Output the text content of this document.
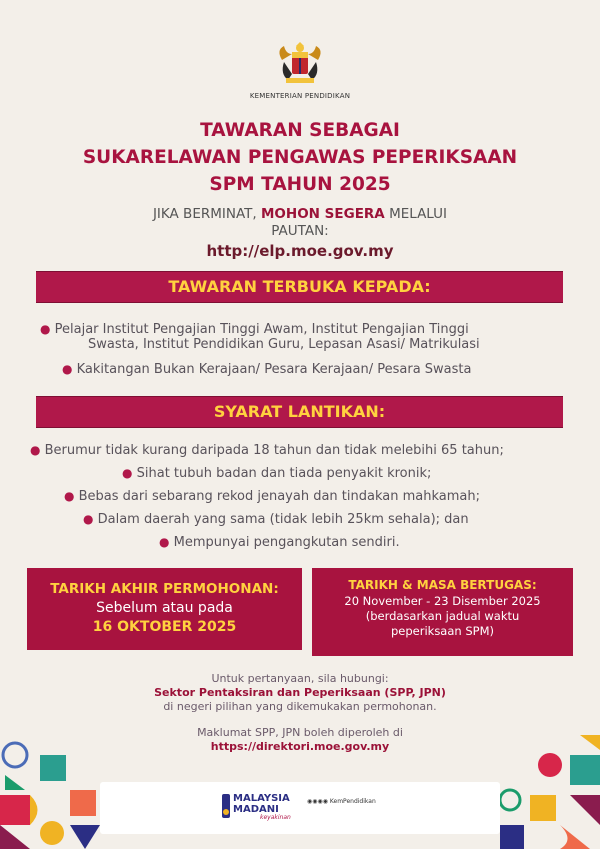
KEMENTERIAN PENDIDIKAN
TAWARAN SEBAGAI
SUKARELAWAN PENGAWAS PEPERIKSAAN
SPM TAHUN 2025
JIKA BERMINAT, MOHON SEGERA MELALUI
PAUTAN:
http://elp.moe.gov.my
TAWARAN TERBUKA KEPADA:
● Pelajar Institut Pengajian Tinggi Awam, Institut Pengajian Tinggi
Swasta, Institut Pendidikan Guru, Lepasan Asasi/ Matrikulasi
● Kakitangan Bukan Kerajaan/ Pesara Kerajaan/ Pesara Swasta
SYARAT LANTIKAN:
● Berumur tidak kurang daripada 18 tahun dan tidak melebihi 65 tahun;
● Sihat tubuh badan dan tiada penyakit kronik;
● Bebas dari sebarang rekod jenayah dan tindakan mahkamah;
● Dalam daerah yang sama (tidak lebih 25km sehala); dan
● Mempunyai pengangkutan sendiri.
TARIKH AKHIR PERMOHONAN:
Sebelum atau pada
16 OKTOBER 2025
TARIKH & MASA BERTUGAS:
20 November - 23 Disember 2025
(berdasarkan jadual waktu
peperiksaan SPM)
Untuk pertanyaan, sila hubungi:
Sektor Pentaksiran dan Peperiksaan (SPP, JPN)
di negeri pilihan yang dikemukakan permohonan.
Maklumat SPP, JPN boleh diperoleh di
https://direktori.moe.gov.my
MALAYSIA
MADANI
keyakinan
◉◉◉◉ KemPendidikan
